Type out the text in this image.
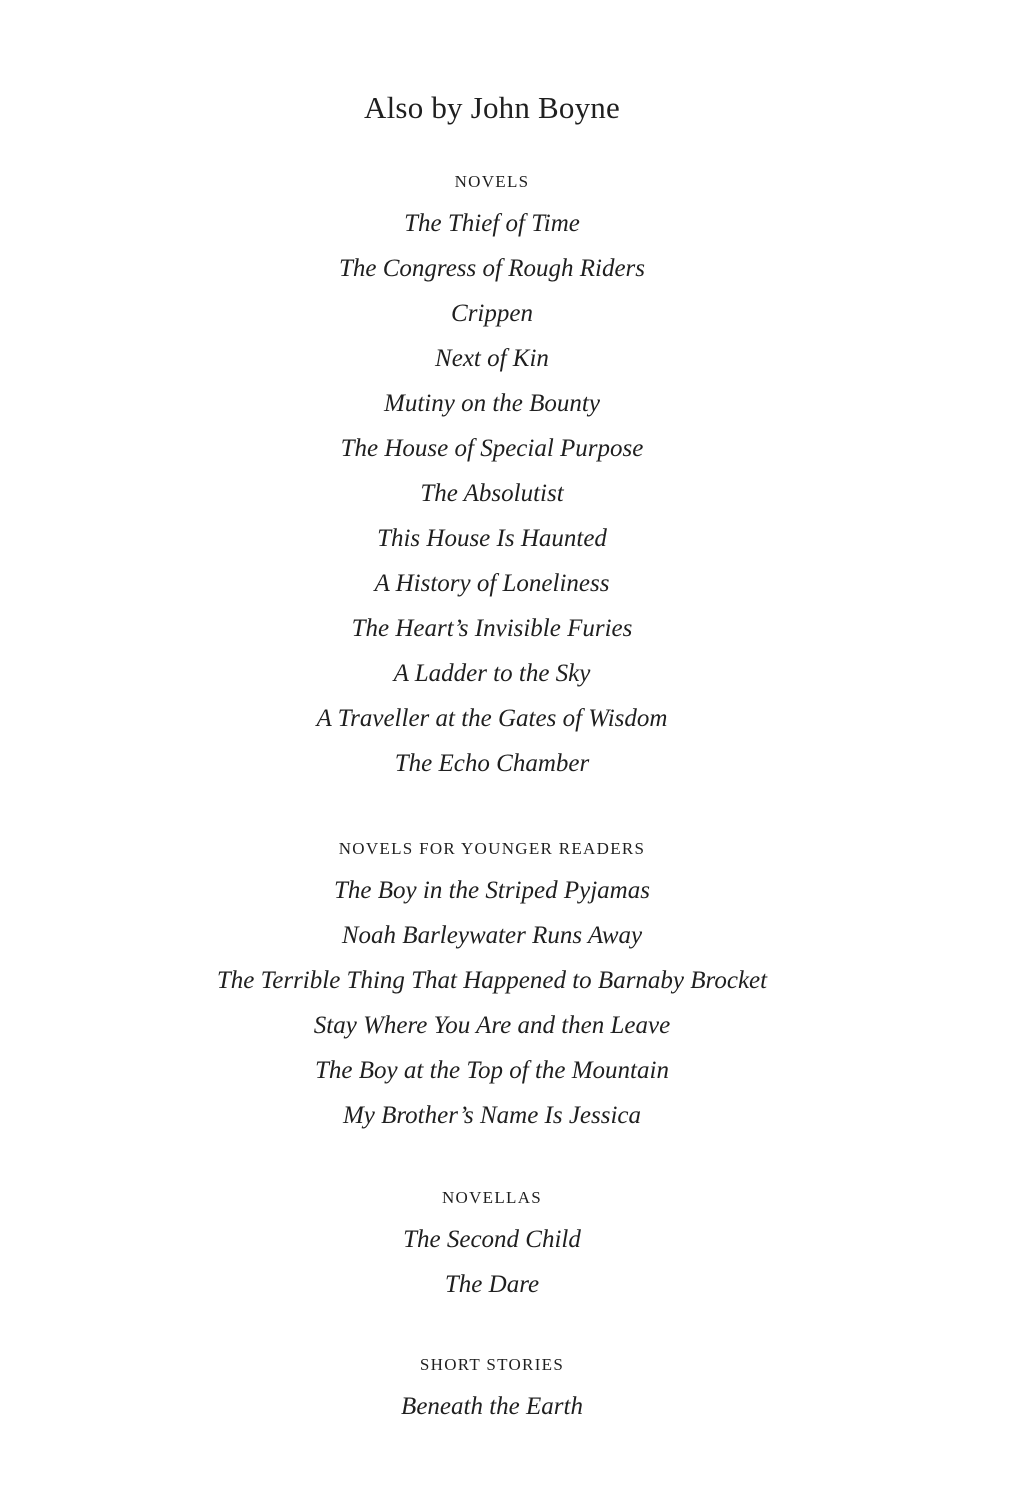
Also by John Boyne
NOVELS
The Thief of Time
The Congress of Rough Riders
Crippen
Next of Kin
Mutiny on the Bounty
The House of Special Purpose
The Absolutist
This House Is Haunted
A History of Loneliness
The Heart’s Invisible Furies
A Ladder to the Sky
A Traveller at the Gates of Wisdom
The Echo Chamber
NOVELS FOR YOUNGER READERS
The Boy in the Striped Pyjamas
Noah Barleywater Runs Away
The Terrible Thing That Happened to Barnaby Brocket
Stay Where You Are and then Leave
The Boy at the Top of the Mountain
My Brother’s Name Is Jessica
NOVELLAS
The Second Child
The Dare
SHORT STORIES
Beneath the Earth
